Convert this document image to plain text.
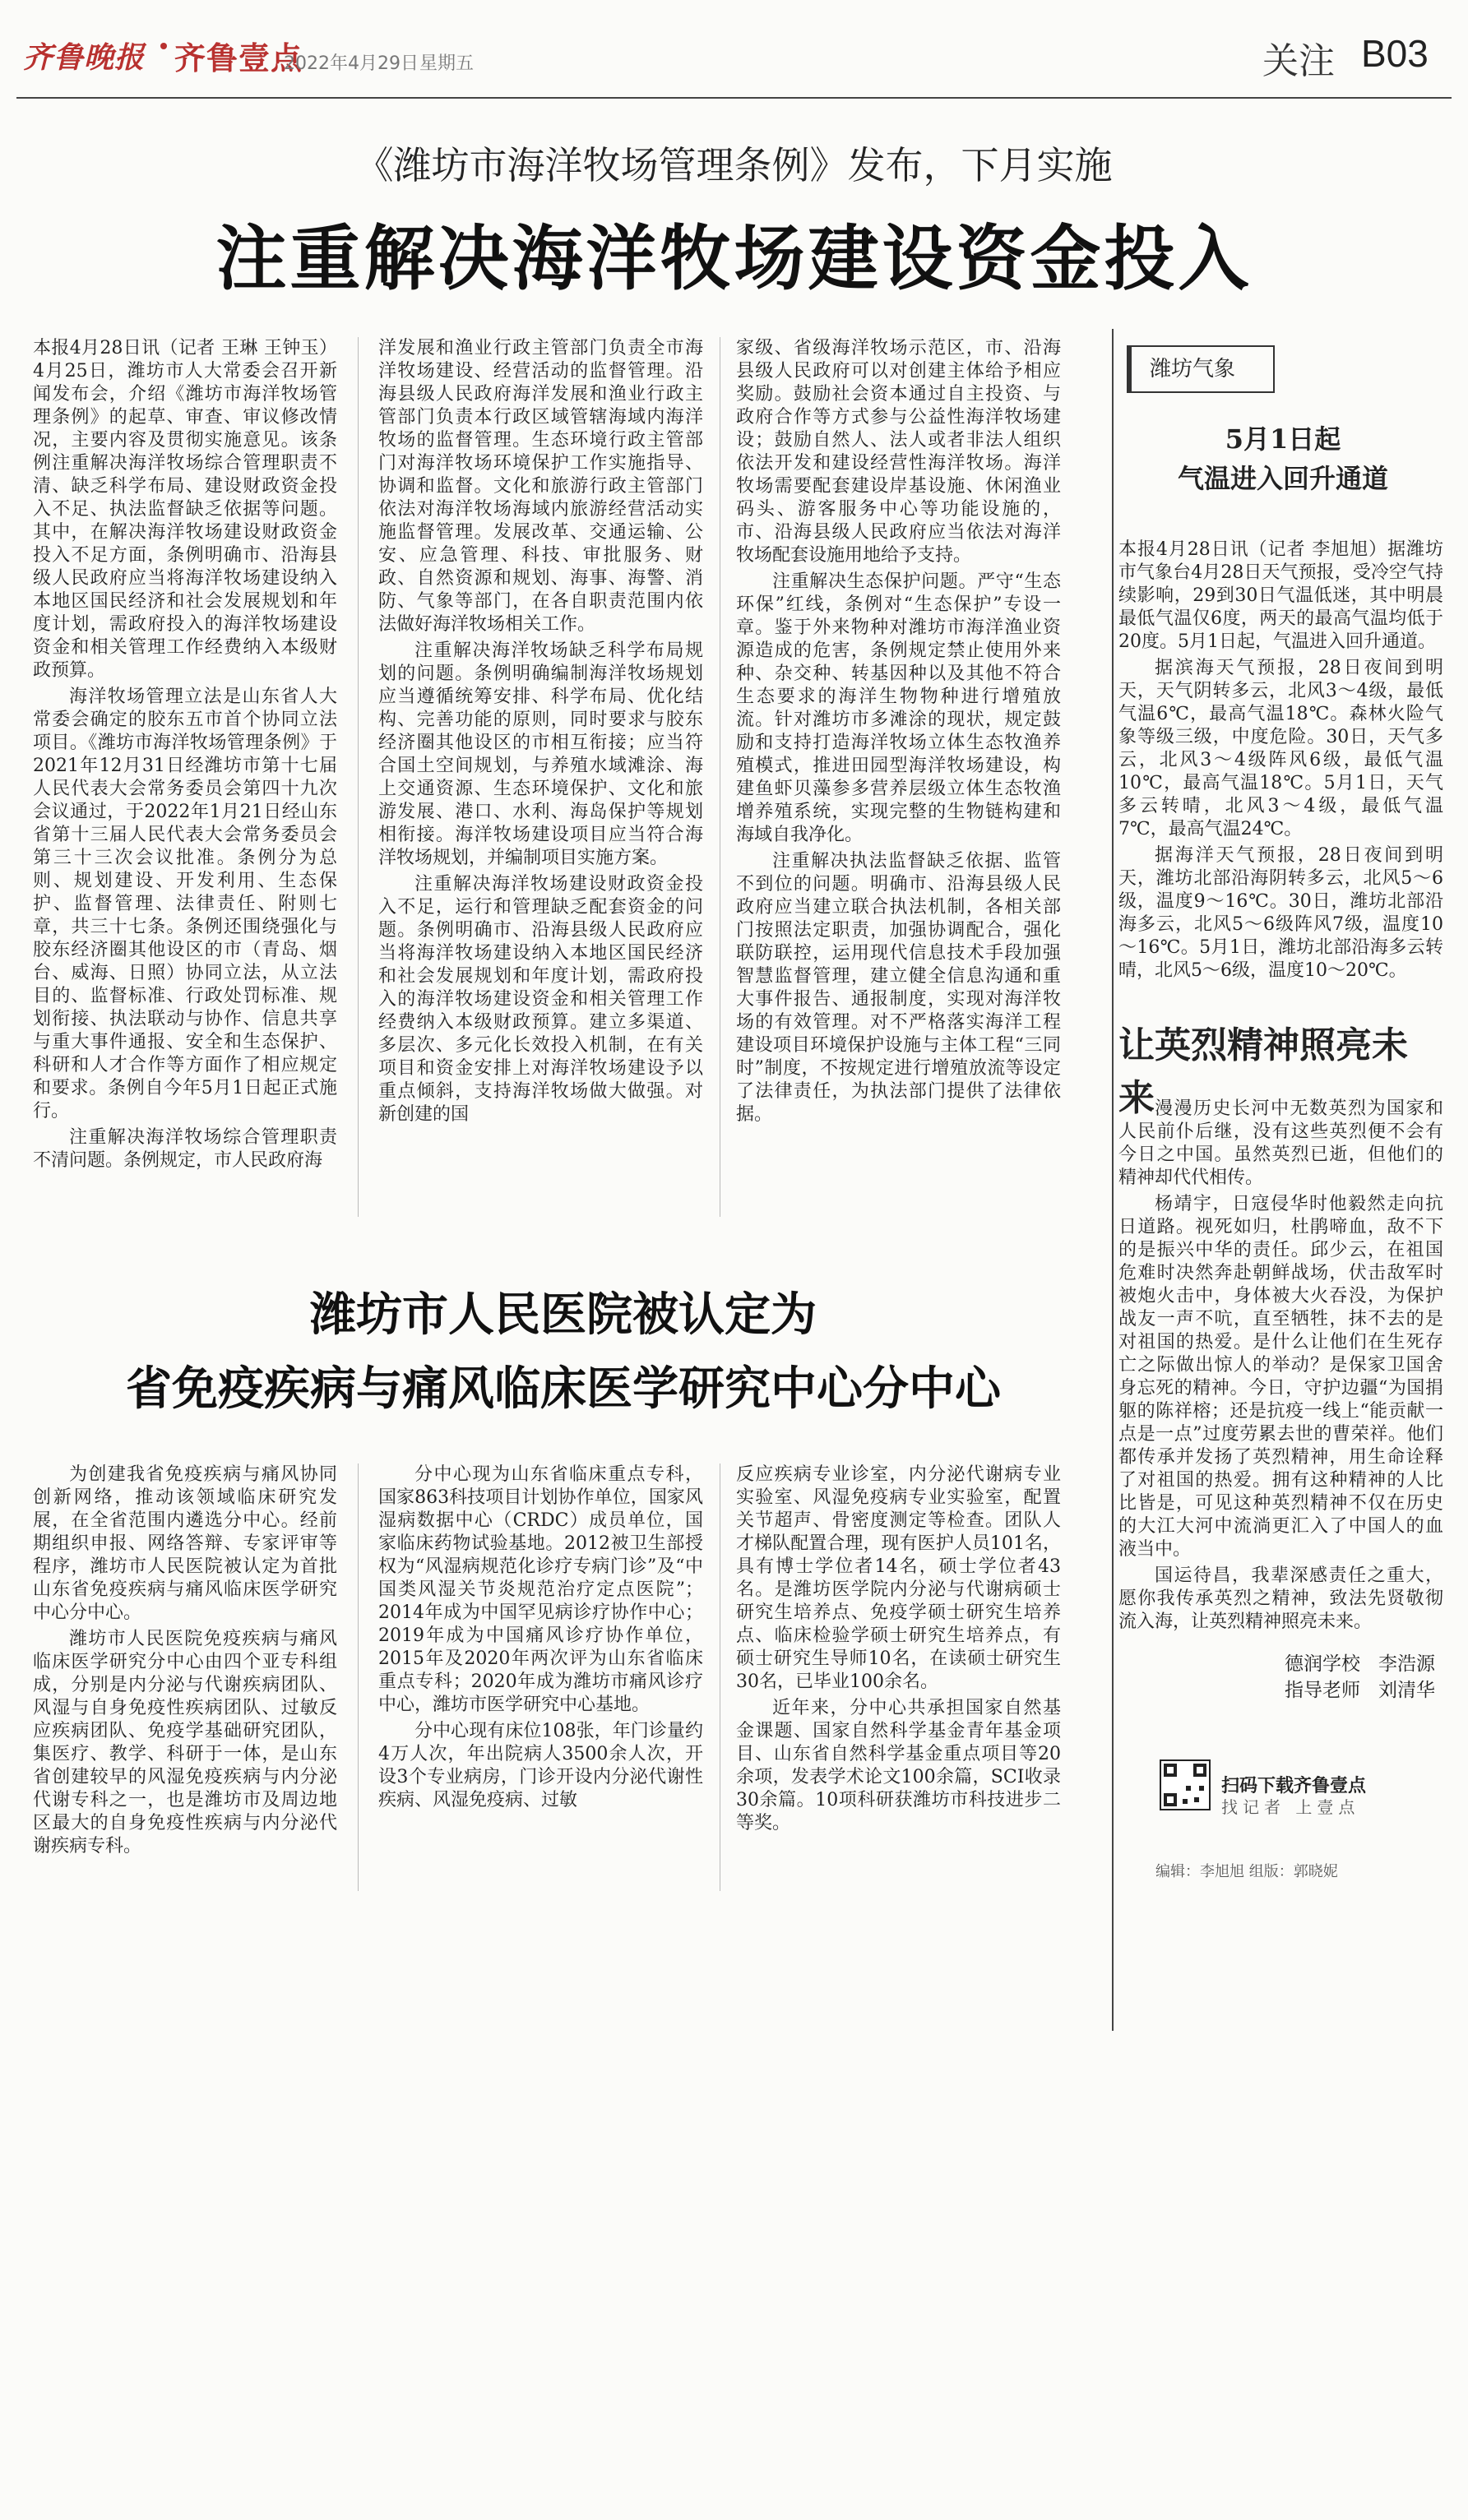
齐鲁晚报 齐鲁壹点
2022年4月29日 星期五	关注 B03
《潍坊市海洋牧场管理条例》发布，下月实施
注重解决海洋牧场建设资金投入

本报4月28日讯（记者 王琳 王钟玉）4月25日，潍坊市人大常委会召开新闻发布会，介绍《潍坊市海洋牧场管理条例》的起草、审查、审议修改情况，主要内容及贯彻实施意见。该条例注重解决海洋牧场综合管理职责不清、缺乏科学布局、建设财政资金投入不足、执法监督缺乏依据等问题。其中，在解决海洋牧场建设财政资金投入不足方面，条例明确市、沿海县级人民政府应当将海洋牧场建设纳入本地区国民经济和社会发展规划和年度计划，需政府投入的海洋牧场建设资金和相关管理工作经费纳入本级财政预算。

海洋牧场管理立法是山东省人大常委会确定的胶东五市首个协同立法项目。《潍坊市海洋牧场管理条例》于2021年12月31日经潍坊市第十七届人民代表大会常务委员会第四十九次会议通过，于2022年1月21日经山东省第十三届人民代表大会常务委员会第三十三次会议批准。条例分为总则、规划建设、开发利用、生态保护、监督管理、法律责任、附则七章，共三十七条。条例还围绕强化与胶东经济圈其他设区的市（青岛、烟台、威海、日照）协同立法，从立法目的、监督标准、行政处罚标准、规划衔接、执法联动与协作、信息共享与重大事件通报、安全和生态保护、科研和人才合作等方面作了相应规定和要求。条例自今年5月1日起正式施行。

注重解决海洋牧场综合管理职责不清问题。条例规定，市人民政府海

洋发展和渔业行政主管部门负责全市海洋牧场建设、经营活动的监督管理。沿海县级人民政府海洋发展和渔业行政主管部门负责本行政区域管辖海域内海洋牧场的监督管理。生态环境行政主管部门对海洋牧场环境保护工作实施指导、协调和监督。文化和旅游行政主管部门依法对海洋牧场海域内旅游经营活动实施监督管理。发展改革、交通运输、公安、应急管理、科技、审批服务、财政、自然资源和规划、海事、海警、消防、气象等部门，在各自职责范围内依法做好海洋牧场相关工作。

注重解决海洋牧场缺乏科学布局规划的问题。条例明确编制海洋牧场规划应当遵循统筹安排、科学布局、优化结构、完善功能的原则，同时要求与胶东经济圈其他设区的市相互衔接；应当符合国土空间规划，与养殖水域滩涂、海上交通资源、生态环境保护、文化和旅游发展、港口、水利、海岛保护等规划相衔接。海洋牧场建设项目应当符合海洋牧场规划，并编制项目实施方案。

注重解决海洋牧场建设财政资金投入不足，运行和管理缺乏配套资金的问题。条例明确市、沿海县级人民政府应当将海洋牧场建设纳入本地区国民经济和社会发展规划和年度计划，需政府投入的海洋牧场建设资金和相关管理工作经费纳入本级财政预算。建立多渠道、多层次、多元化长效投入机制，在有关项目和资金安排上对海洋牧场建设予以重点倾斜，支持海洋牧场做大做强。对新创建的国

家级、省级海洋牧场示范区，市、沿海县级人民政府可以对创建主体给予相应奖励。鼓励社会资本通过自主投资、与政府合作等方式参与公益性海洋牧场建设；鼓励自然人、法人或者非法人组织依法开发和建设经营性海洋牧场。海洋牧场需要配套建设岸基设施、休闲渔业码头、游客服务中心等功能设施的，市、沿海县级人民政府应当依法对海洋牧场配套设施用地给予支持。

注重解决生态保护问题。严守“生态环保”红线，条例对“生态保护”专设一章。鉴于外来物种对潍坊市海洋渔业资源造成的危害，条例规定禁止使用外来种、杂交种、转基因种以及其他不符合生态要求的海洋生物物种进行增殖放流。针对潍坊市多滩涂的现状，规定鼓励和支持打造海洋牧场立体生态牧渔养殖模式，推进田园型海洋牧场建设，构建鱼虾贝藻参多营养层级立体生态牧渔增养殖系统，实现完整的生物链构建和海域自我净化。

注重解决执法监督缺乏依据、监管不到位的问题。明确市、沿海县级人民政府应当建立联合执法机制，各相关部门按照法定职责，加强协调配合，强化联防联控，运用现代信息技术手段加强智慧监督管理，建立健全信息沟通和重大事件报告、通报制度，实现对海洋牧场的有效管理。对不严格落实海洋工程建设项目环境保护设施与主体工程“三同时”制度，不按规定进行增殖放流等设定了法律责任，为执法部门提供了法律依据。

潍坊气象
5月1日起
气温进入回升通道

本报4月28日讯（记者 李旭旭）据潍坊市气象台4月28日天气预报，受冷空气持续影响，29到30日气温低迷，其中明晨最低气温仅6度，两天的最高气温均低于20度。5月1日起，气温进入回升通道。

据滨海天气预报，28日夜间到明天，天气阴转多云，北风3～4级，最低气温6℃，最高气温18℃。森林火险气象等级三级，中度危险。30日，天气多云，北风3～4级阵风6级，最低气温10℃，最高气温18℃。5月1日，天气多云转晴，北风3～4级，最低气温7℃，最高气温24℃。

据海洋天气预报，28日夜间到明天，潍坊北部沿海阴转多云，北风5～6级，温度9～16℃。30日，潍坊北部沿海多云，北风5～6级阵风7级，温度10～16℃。5月1日，潍坊北部沿海多云转晴，北风5～6级，温度10～20℃。

让英烈精神照亮未来 漫漫历史长河中无数英烈为国家和人民前仆后继，没有这些英烈便不会有今日之中国。虽然英烈已逝，但他们的精神却代代相传。

杨靖宇，日寇侵华时他毅然走向抗日道路。视死如归，杜鹃啼血，敌不下的是振兴中华的责任。邱少云，在祖国危难时决然奔赴朝鲜战场，伏击敌军时被炮火击中，身体被大火吞没，为保护战友一声不吭，直至牺牲，抹不去的是对祖国的热爱。是什么让他们在生死存亡之际做出惊人的举动？是保家卫国舍身忘死的精神。今日，守护边疆“为国捐躯的陈祥榕；还是抗疫一线上“能贡献一点是一点”过度劳累去世的曹荣祥。他们都传承并发扬了英烈精神，用生命诠释了对祖国的热爱。拥有这种精神的人比比皆是，可见这种英烈精神不仅在历史的大江大河中流淌更汇入了中国人的血液当中。

国运待昌，我辈深感责任之重大，愿你我传承英烈之精神，致法先贤敬彻流入海，让英烈精神照亮未来。

德润学校 李浩源
指导老师 刘清华
扫码下载齐鲁壹点
找记者 上壹点
编辑：李旭旭 组版：郭晓妮
潍坊市人民医院被认定为
省免疫疾病与痛风临床医学研究中心分中心

为创建我省免疫疾病与痛风协同创新网络，推动该领域临床研究发展，在全省范围内遴选分中心。经前期组织申报、网络答辩、专家评审等程序，潍坊市人民医院被认定为首批山东省免疫疾病与痛风临床医学研究中心分中心。

潍坊市人民医院免疫疾病与痛风临床医学研究分中心由四个亚专科组成，分别是内分泌与代谢疾病团队、风湿与自身免疫性疾病团队、过敏反应疾病团队、免疫学基础研究团队，集医疗、教学、科研于一体，是山东省创建较早的风湿免疫疾病与内分泌代谢专科之一，也是潍坊市及周边地区最大的自身免疫性疾病与内分泌代谢疾病专科。

分中心现为山东省临床重点专科，国家863科技项目计划协作单位，国家风湿病数据中心（CRDC）成员单位，国家临床药物试验基地。2012被卫生部授权为“风湿病规范化诊疗专病门诊”及“中国类风湿关节炎规范治疗定点医院”；2014年成为中国罕见病诊疗协作中心；2019年成为中国痛风诊疗协作单位，2015年及2020年两次评为山东省临床重点专科；2020年成为潍坊市痛风诊疗中心，潍坊市医学研究中心基地。

分中心现有床位108张，年门诊量约4万人次，年出院病人3500余人次，开设3个专业病房，门诊开设内分泌代谢性疾病、风湿免疫病、过敏

反应疾病专业诊室，内分泌代谢病专业实验室、风湿免疫病专业实验室，配置关节超声、骨密度测定等检查。团队人才梯队配置合理，现有医护人员101名，具有博士学位者14名，硕士学位者43名。是潍坊医学院内分泌与代谢病硕士研究生培养点、免疫学硕士研究生培养点、临床检验学硕士研究生培养点，有硕士研究生导师10名，在读硕士研究生30名，已毕业100余名。

近年来，分中心共承担国家自然基金课题、国家自然科学基金青年基金项目、山东省自然科学基金重点项目等20余项，发表学术论文100余篇，SCI收录30余篇。10项科研获潍坊市科技进步二等奖。
